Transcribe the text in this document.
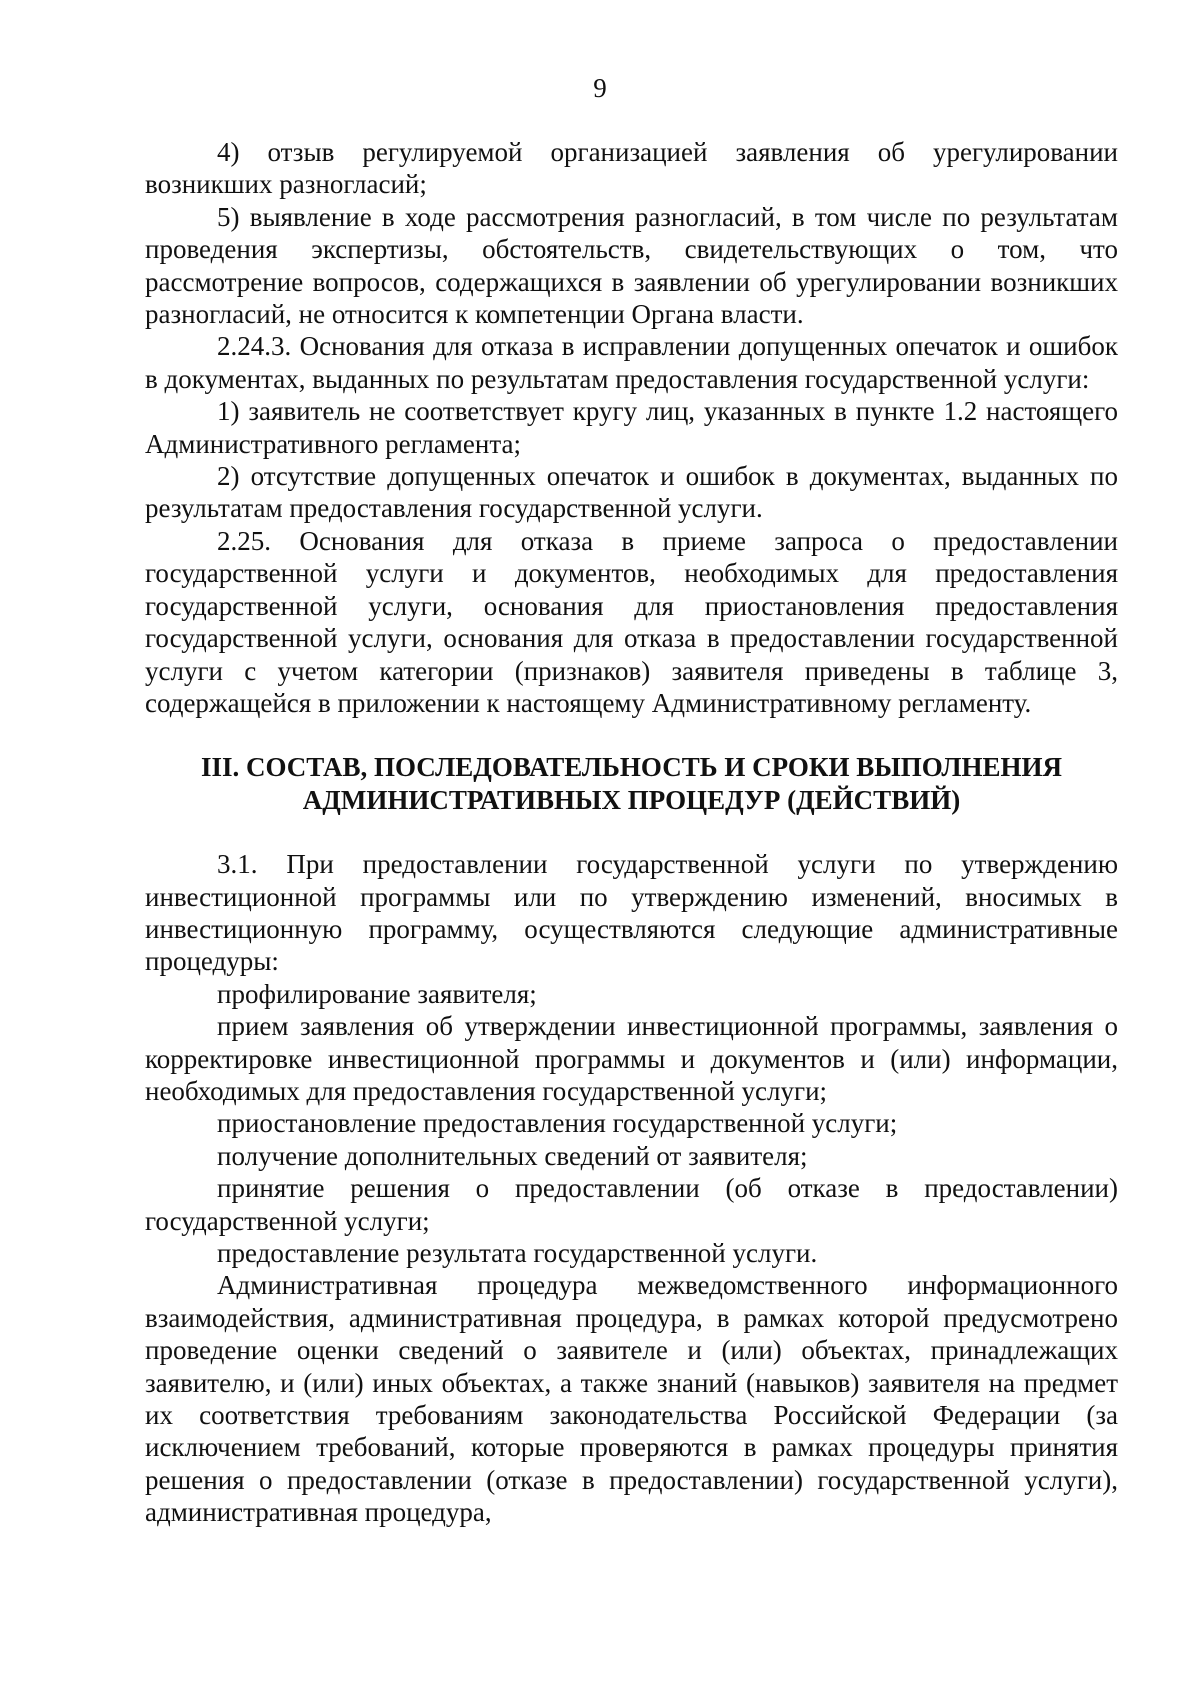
9

4) отзыв регулируемой организацией заявления об урегулировании возникших разногласий;

5) выявление в ходе рассмотрения разногласий, в том числе по результатам проведения экспертизы, обстоятельств, свидетельствующих о том, что рассмотрение вопросов, содержащихся в заявлении об урегулировании возникших разногласий, не относится к компетенции Органа власти.

2.24.3. Основания для отказа в исправлении допущенных опечаток и ошибок в документах, выданных по результатам предоставления государственной услуги:

1) заявитель не соответствует кругу лиц, указанных в пункте 1.2 настоящего Административного регламента;

2) отсутствие допущенных опечаток и ошибок в документах, выданных по результатам предоставления государственной услуги.

2.25. Основания для отказа в приеме запроса о предоставлении государственной услуги и документов, необходимых для предоставления государственной услуги, основания для приостановления предоставления государственной услуги, основания для отказа в предоставлении государственной услуги с учетом категории (признаков) заявителя приведены в таблице 3, содержащейся в приложении к настоящему Административному регламенту.

III. СОСТАВ, ПОСЛЕДОВАТЕЛЬНОСТЬ И СРОКИ ВЫПОЛНЕНИЯ
АДМИНИСТРАТИВНЫХ ПРОЦЕДУР (ДЕЙСТВИЙ)

3.1. При предоставлении государственной услуги по утверждению инвестиционной программы или по утверждению изменений, вносимых в инвестиционную программу, осуществляются следующие административные процедуры:

профилирование заявителя;

прием заявления об утверждении инвестиционной программы, заявления о корректировке инвестиционной программы и документов и (или) информации, необходимых для предоставления государственной услуги;

приостановление предоставления государственной услуги;

получение дополнительных сведений от заявителя;

принятие решения о предоставлении (об отказе в предоставлении) государственной услуги;

предоставление результата государственной услуги.

Административная процедура межведомственного информационного взаимодействия, административная процедура, в рамках которой предусмотрено проведение оценки сведений о заявителе и (или) объектах, принадлежащих заявителю, и (или) иных объектах, а также знаний (навыков) заявителя на предмет их соответствия требованиям законодательства Российской Федерации (за исключением требований, которые проверяются в рамках процедуры принятия решения о предоставлении (отказе в предоставлении) государственной услуги), административная процедура,
